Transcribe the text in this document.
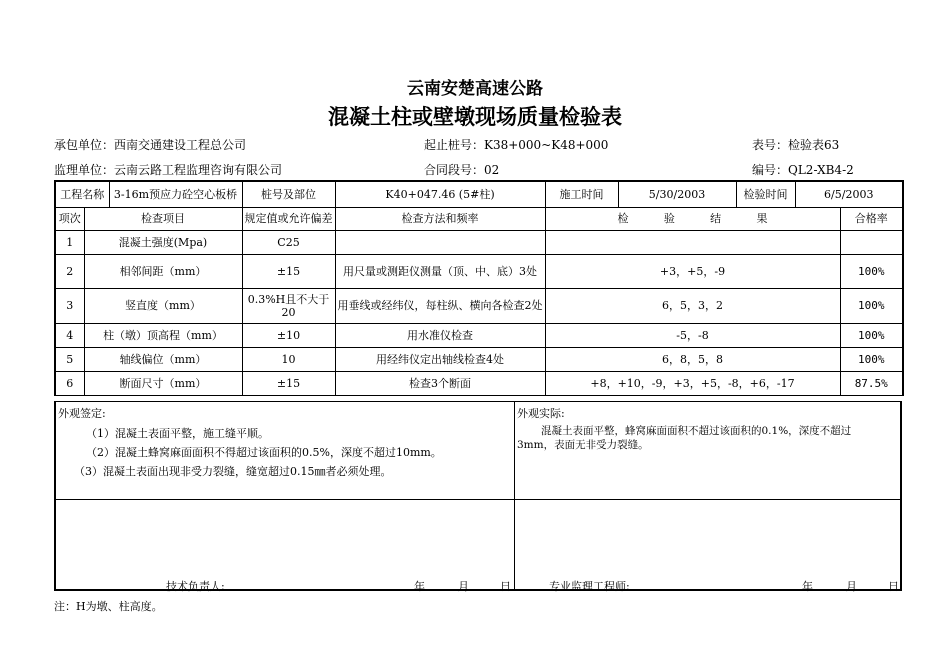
云南安楚高速公路
混凝土柱或壁墩现场质量检验表
承包单位：西南交通建设工程总公司	起止桩号：K38+000~K48+000	表号：检验表63
监理单位：云南云路工程监理咨询有限公司	合同段号：02	编号：QL2-XB4-2
工程名称		3-16m预应力砼空心板桥	桩号及部位	K40+047.46 (5#柱)	施工时间	5/30/2003	检验时间	6/5/2003	
项次	检查项目		规定值或允许偏差	检查方法和频率	检 验 结 果				合格率
1	混凝土强度(Mpa)		C25						
2	相邻间距（mm）		±15	用尺量或测距仪测量（顶、中、底）3处	+3，+5，-9				100%
3	竖直度（mm）		0.3%H且不大于20	用垂线或经纬仪，每柱纵、横向各检查2处	6，5，3，2				100%
4	柱（墩）顶高程（mm）		±10	用水准仪检查	-5，-8				100%
5	轴线偏位（mm）		10	用经纬仪定出轴线检查4处	6，8，5，8				100%
6	断面尺寸（mm）		±15	检查3个断面	+8，+10，-9，+3，+5，-8，+6，-17				87.5%
外观签定:
（1）混凝土表面平整，施工缝平顺。
（2）混凝土蜂窝麻面面积不得超过该面积的0.5%，深度不超过10mm。
（3）混凝土表面出现非受力裂缝，缝宽超过0.15㎜者必须处理。
外观实际:
混凝土表面平整，蜂窝麻面面积不超过该面积的0.1%，深度不超过
3mm，表面无非受力裂缝。
技术负责人:	年	月	日	专业监理工程师:	年	月	日
注：H为墩、柱高度。
